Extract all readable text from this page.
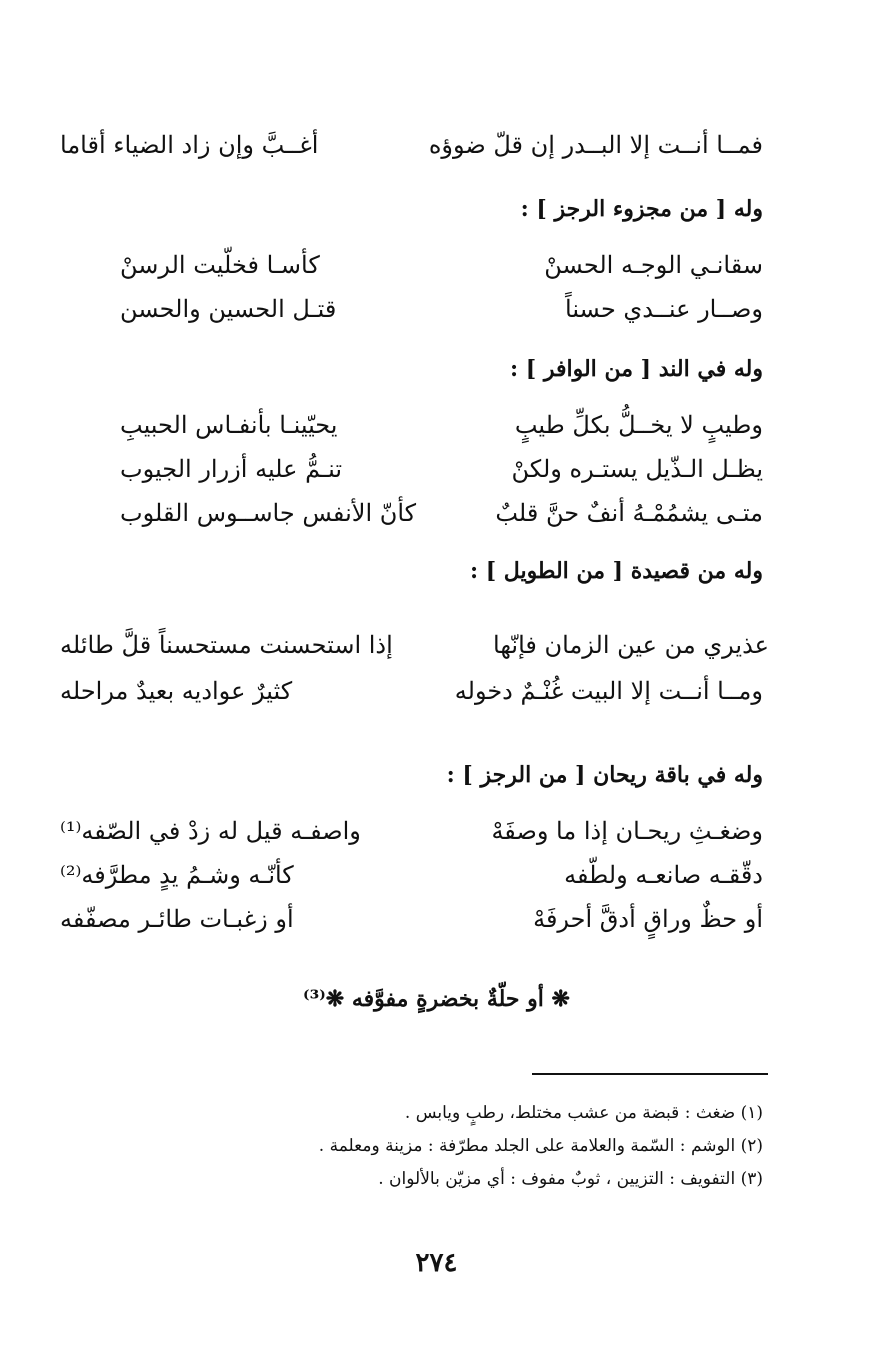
فمــا أنــت إلا البــدر إن قلّ ضوؤه
أغــبَّ وإن زاد الضياء أقاما
وله [ من مجزوء الرجز ] :
سقانـي الوجـه الحسنْ
كأسـا فخلّيت الرسنْ
وصــار عنــدي حسناً
قتـل الحسين والحسن
وله في الند [ من الوافر ] :
وطيبٍ لا يخــلُّ بكلِّ طيبٍ
يحيّينـا بأنفـاس الحبيبِ
يظـل الـذّيل يستـره ولكنْ
تنـمُّ عليه أزرار الجيوب
متـى يشمُمْـهُ أنفٌ حنَّ قلبٌ
كأنّ الأنفس جاســوس القلوب
وله من قصيدة [ من الطويل ] :
عذيري من عين الزمان فإنّها
إذا استحسنت مستحسناً قلَّ طائله
ومــا أنــت إلا البيت غُنْـمٌ دخوله
كثيرٌ عواديه بعيدٌ مراحله
وله في باقة ريحان [ من الرجز ] :
وضغـثِ ريحـان إذا ما وصفَهْ
واصفـه قيل له زدْ في الصّفه⁽¹⁾
دقّقـه صانعـه ولطّفه
كأنّـه وشـمُ يدٍ مطرَّفه⁽²⁾
أو حظٌ وراقٍ أدقَّ أحرفَهْ
أو زغبـات طائـر مصفّفه
❋ أو حلّةٌ بخضرةٍ مفوَّفه ❋⁽³⁾
(١) ضغث : قبضة من عشب مختلط، رطبٍ ويابس .
(٢) الوشم : السّمة والعلامة على الجلد مطرّفة : مزينة ومعلمة .
(٣) التفويف : التزيين ، ثوبٌ مفوف : أي مزيّن بالألوان .
٢٧٤
